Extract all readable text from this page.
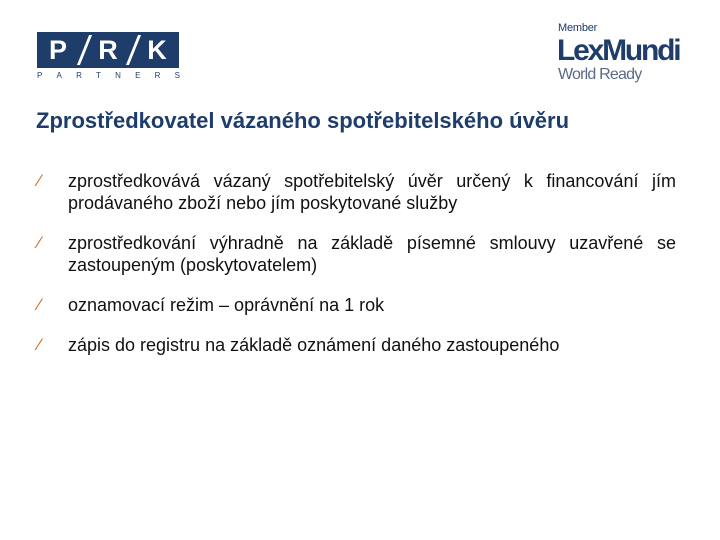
P R K
P A R T N E R S
Member
LexMundi
World Ready
Zprostředkovatel vázaného spotřebitelského úvěru
⁄ zprostředkovává vázaný spotřebitelský úvěr určený k financování jím prodávaného zboží nebo jím poskytované služby
⁄ zprostředkování výhradně na základě písemné smlouvy uzavřené se zastoupeným (poskytovatelem)
⁄ oznamovací režim – oprávnění na 1 rok
⁄ zápis do registru na základě oznámení daného zastoupeného
